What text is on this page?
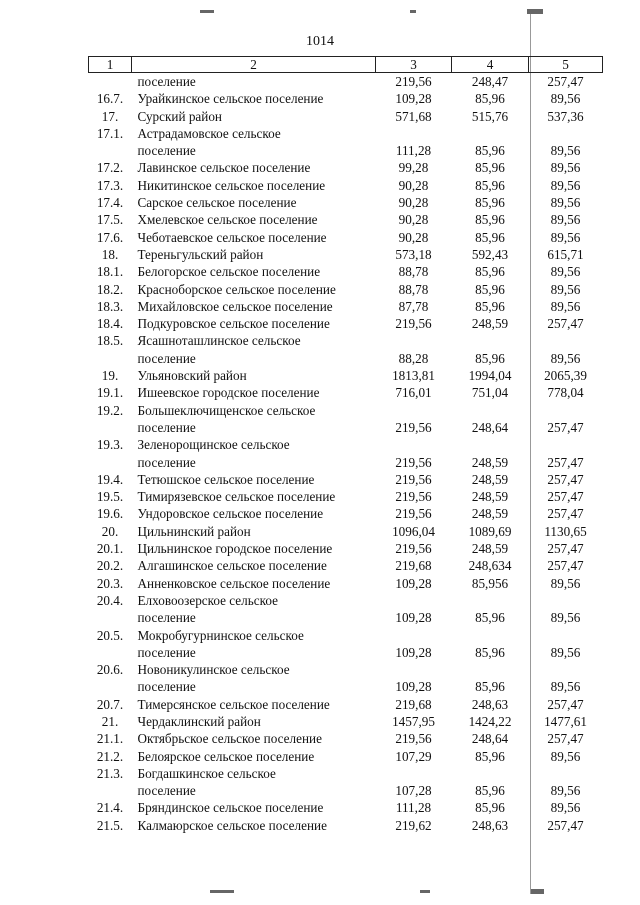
1014
1	2	3	4	5
	поселение	219,56	248,47	257,47
16.7.	Урайкинское сельское поселение	109,28	85,96	89,56
17.	Сурский район	571,68	515,76	537,36
17.1.	Астрадамовское сельское			
	поселение	111,28	85,96	89,56
17.2.	Лавинское сельское поселение	99,28	85,96	89,56
17.3.	Никитинское сельское поселение	90,28	85,96	89,56
17.4.	Сарское сельское поселение	90,28	85,96	89,56
17.5.	Хмелевское сельское поселение	90,28	85,96	89,56
17.6.	Чеботаевское сельское поселение	90,28	85,96	89,56
18.	Тереньгульский район	573,18	592,43	615,71
18.1.	Белогорское сельское поселение	88,78	85,96	89,56
18.2.	Красноборское сельское поселение	88,78	85,96	89,56
18.3.	Михайловское сельское поселение	87,78	85,96	89,56
18.4.	Подкуровское сельское поселение	219,56	248,59	257,47
18.5.	Ясашноташлинское сельское			
	поселение	88,28	85,96	89,56
19.	Ульяновский район	1813,81	1994,04	2065,39
19.1.	Ишеевское городское поселение	716,01	751,04	778,04
19.2.	Большеключищенское сельское			
	поселение	219,56	248,64	257,47
19.3.	Зеленорощинское сельское			
	поселение	219,56	248,59	257,47
19.4.	Тетюшское сельское поселение	219,56	248,59	257,47
19.5.	Тимирязевское сельское поселение	219,56	248,59	257,47
19.6.	Ундоровское сельское поселение	219,56	248,59	257,47
20.	Цильнинский район	1096,04	1089,69	1130,65
20.1.	Цильнинское городское поселение	219,56	248,59	257,47
20.2.	Алгашинское сельское поселение	219,68	248,634	257,47
20.3.	Анненковское сельское поселение	109,28	85,956	89,56
20.4.	Елховоозерское сельское			
	поселение	109,28	85,96	89,56
20.5.	Мокробугурнинское сельское			
	поселение	109,28	85,96	89,56
20.6.	Новоникулинское сельское			
	поселение	109,28	85,96	89,56
20.7.	Тимерсянское сельское поселение	219,68	248,63	257,47
21.	Чердаклинский район	1457,95	1424,22	1477,61
21.1.	Октябрьское сельское поселение	219,56	248,64	257,47
21.2.	Белоярское сельское поселение	107,29	85,96	89,56
21.3.	Богдашкинское сельское			
	поселение	107,28	85,96	89,56
21.4.	Бряндинское сельское поселение	111,28	85,96	89,56
21.5.	Калмаюрское сельское поселение	219,62	248,63	257,47
